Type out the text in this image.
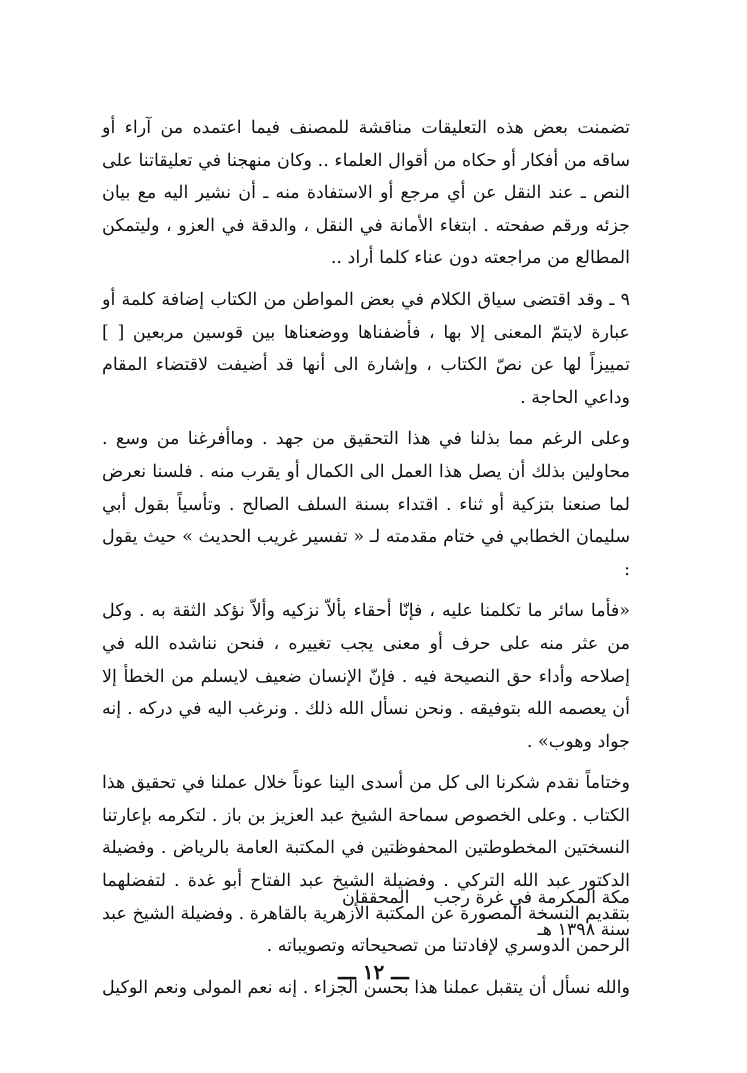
تضمنت بعض هذه التعليقات مناقشة للمصنف فيما اعتمده من آراء أو ساقه من أفكار أو حكاه من أقوال العلماء .. وكان منهجنا في تعليقاتنا على النص ـ عند النقل عن أي مرجع أو الاستفادة منه ـ أن نشير اليه مع بيان جزئه ورقم صفحته . ابتغاء الأمانة في النقل ، والدقة في العزو ، وليتمكن المطالع من مراجعته دون عناء كلما أراد ..

٩ ـ وقد اقتضى سياق الكلام في بعض المواطن من الكتاب إضافة كلمة أو عبارة لايتمّ المعنى إلا بها ، فأضفناها ووضعناها بين قوسين مربعين [ ] تمييزاً لها عن نصّ الكتاب ، وإشارة الى أنها قد أضيفت لاقتضاء المقام وداعي الحاجة .

وعلى الرغم مما بذلنا في هذا التحقيق من جهد . وماأفرغنا من وسع . محاولين بذلك أن يصل هذا العمل الى الكمال أو يقرب منه . فلسنا نعرض لما صنعنا بتزكية أو ثناء . اقتداء بسنة السلف الصالح . وتأسياً بقول أبي سليمان الخطابي في ختام مقدمته لـ « تفسير غريب الحديث » حيث يقول :

«فأما سائر ما تكلمنا عليه ، فإنّا أحقاء بألاّ نزكيه وألاّ نؤكد الثقة به . وكل من عثر منه على حرف أو معنى يجب تغييره ، فنحن نناشده الله في إصلاحه وأداء حق النصيحة فيه . فإنّ الإنسان ضعيف لايسلم من الخطأ إلا أن يعصمه الله بتوفيقه . ونحن نسأل الله ذلك . ونرغب اليه في دركه . إنه جواد وهوب» .

وختاماً نقدم شكرنا الى كل من أسدى الينا عوناً خلال عملنا في تحقيق هذا الكتاب . وعلى الخصوص سماحة الشيخ عبد العزيز بن باز . لتكرمه بإعارتنا النسختين المخطوطتين المحفوظتين في المكتبة العامة بالرياض . وفضيلة الدكتور عبد الله التركي . وفضيلة الشيخ عبد الفتاح أبو غدة . لتفضلهما بتقديم النسخة المصورة عن المكتبة الأزهرية بالقاهرة . وفضيلة الشيخ عبد الرحمن الدوسري لإفادتنا من تصحيحاته وتصويباته .

والله نسأل أن يتقبل عملنا هذا بحسن الجزاء . إنه نعم المولى ونعم الوكيل

مكة المكرمة في غرة رجب سنة ١٣٩٨ هـ
المحققان
ـــ ١٢ ـــ
